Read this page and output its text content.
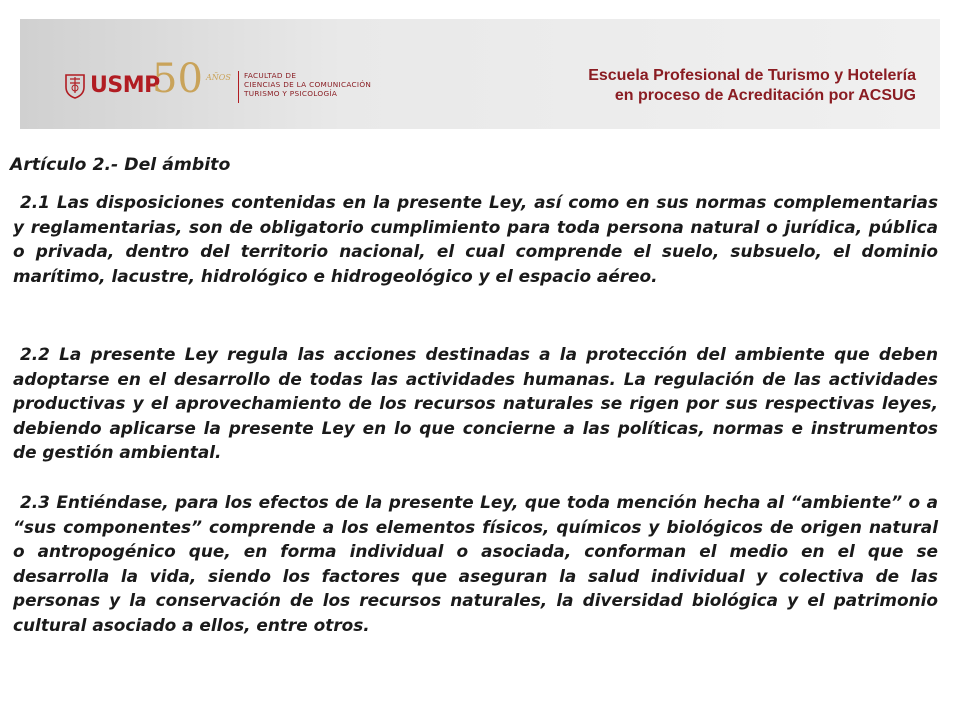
USMP
50 AÑOS FACULTAD DE
CIENCIAS DE LA COMUNICACIÓN
TURISMO Y PSICOLOGÍA
Escuela Profesional de Turismo y Hotelería
en proceso de Acreditación por ACSUG
Artículo 2.- Del ámbito
2.1 Las disposiciones contenidas en la presente Ley, así como en sus normas complementarias y reglamentarias, son de obligatorio cumplimiento para toda persona natural o jurídica, pública o privada, dentro del territorio nacional, el cual comprende el suelo, subsuelo, el dominio marítimo, lacustre, hidrológico e hidrogeológico y el espacio aéreo.
2.2 La presente Ley regula las acciones destinadas a la protección del ambiente que deben adoptarse en el desarrollo de todas las actividades humanas. La regulación de las actividades productivas y el aprovechamiento de los recursos naturales se rigen por sus respectivas leyes, debiendo aplicarse la presente Ley en lo que concierne a las políticas, normas e instrumentos de gestión ambiental.
2.3 Entiéndase, para los efectos de la presente Ley, que toda mención hecha al “ambiente” o a “sus componentes” comprende a los elementos físicos, químicos y biológicos de origen natural o antropogénico que, en forma individual o asociada, conforman el medio en el que se desarrolla la vida, siendo los factores que aseguran la salud individual y colectiva de las personas y la conservación de los recursos naturales, la diversidad biológica y el patrimonio cultural asociado a ellos, entre otros.
